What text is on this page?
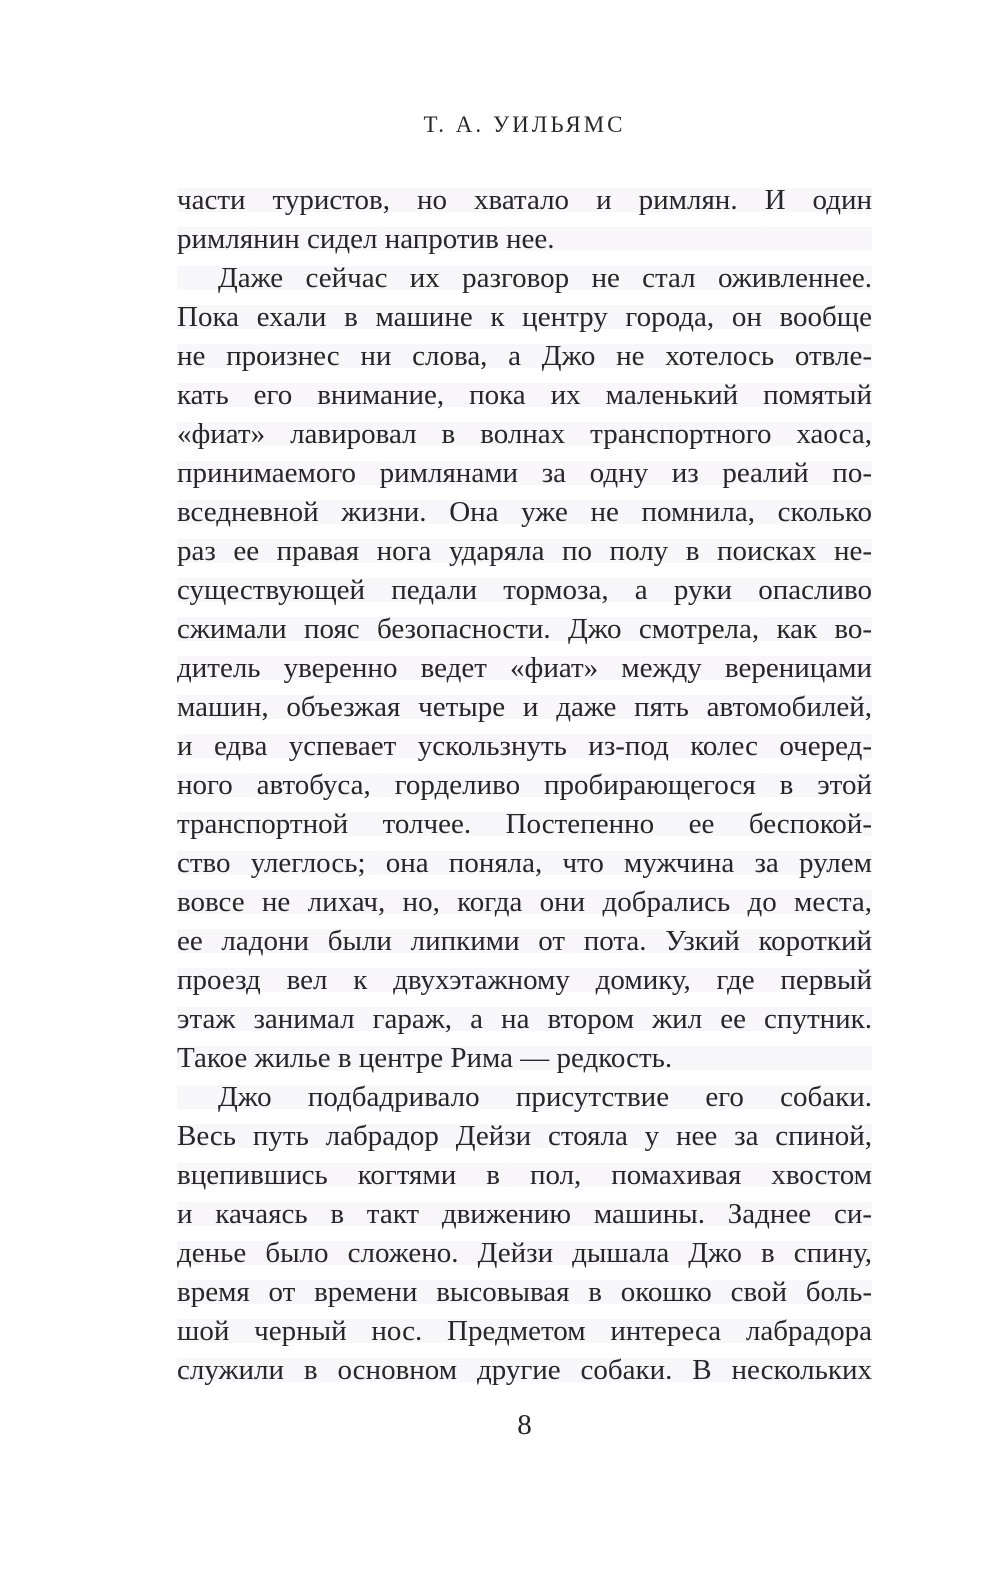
Т. А. УИЛЬЯМС
части туристов, но хватало и римлян. И один
римлянин сидел напротив нее.
Даже сейчас их разговор не стал оживленнее.
Пока ехали в машине к центру города, он вообще
не произнес ни слова, а Джо не хотелось отвле-
кать его внимание, пока их маленький помятый
«фиат» лавировал в волнах транспортного хаоса,
принимаемого римлянами за одну из реалий по-
вседневной жизни. Она уже не помнила, сколько
раз ее правая нога ударяла по полу в поисках не-
существующей педали тормоза, а руки опасливо
сжимали пояс безопасности. Джо смотрела, как во-
дитель уверенно ведет «фиат» между вереницами
машин, объезжая четыре и даже пять автомобилей,
и едва успевает ускользнуть из-под колес очеред-
ного автобуса, горделиво пробирающегося в этой
транспортной толчее. Постепенно ее беспокой-
ство улеглось; она поняла, что мужчина за рулем
вовсе не лихач, но, когда они добрались до места,
ее ладони были липкими от пота. Узкий короткий
проезд вел к двухэтажному домику, где первый
этаж занимал гараж, а на втором жил ее спутник.
Такое жилье в центре Рима — редкость.
Джо подбадривало присутствие его собаки.
Весь путь лабрадор Дейзи стояла у нее за спиной,
вцепившись когтями в пол, помахивая хвостом
и качаясь в такт движению машины. Заднее си-
денье было сложено. Дейзи дышала Джо в спину,
время от времени высовывая в окошко свой боль-
шой черный нос. Предметом интереса лабрадора
служили в основном другие собаки. В нескольких
8
